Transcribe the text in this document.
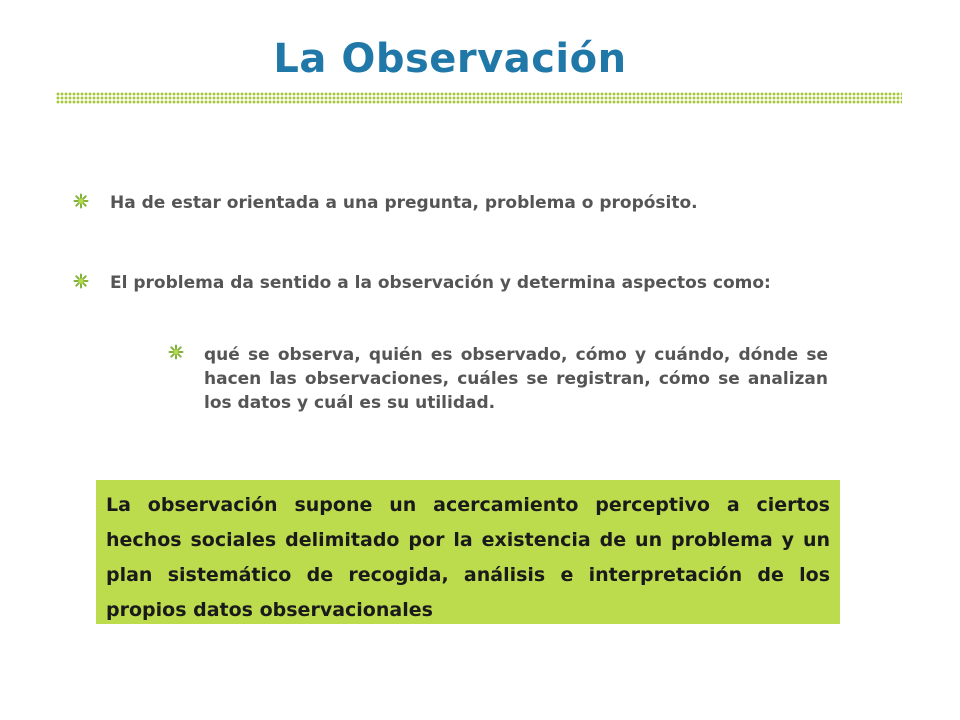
La Observación
Ha de estar orientada a una pregunta, problema o propósito.
El problema da sentido a la observación y determina aspectos como:
qué se observa, quién es observado, cómo y cuándo, dónde se hacen las observaciones, cuáles se registran, cómo se analizan los datos y cuál es su utilidad.

La observación supone un acercamiento perceptivo a ciertos hechos sociales delimitado por la existencia de un problema y un plan sistemático de recogida, análisis e interpretación de los propios datos observacionales
